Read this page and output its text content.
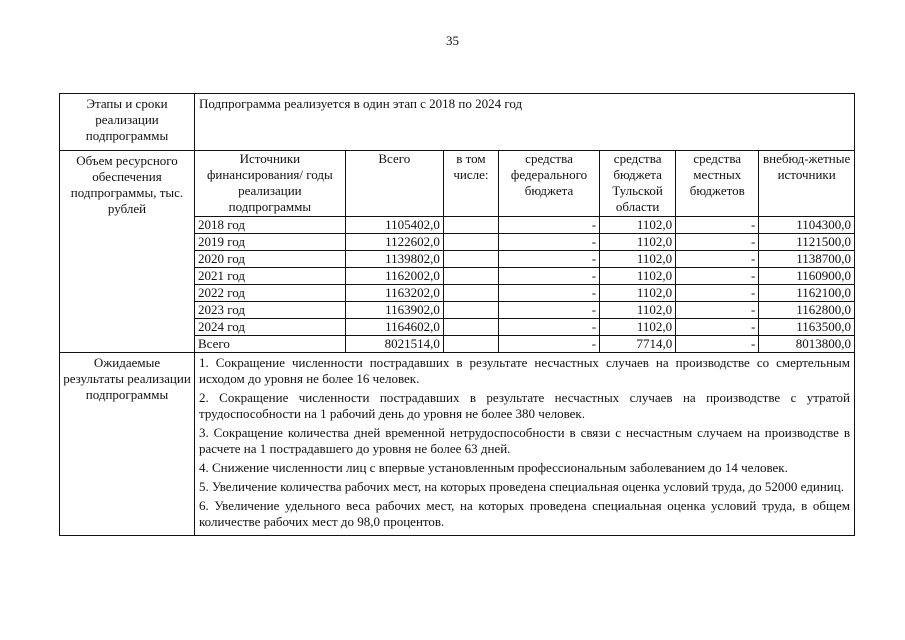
35
Этапы и сроки реализации подпрограммы	Подпрограмма реализуется в один этап с 2018 по 2024 год
Объем ресурсного обеспечения подпрограммы, тыс. рублей	
Источники финансирования/ годы реализации подпрограммы	Всего	в том числе:	средства федерального бюджета	средства бюджета Тульской области	средства местных бюджетов	внебюд-жетные источники
2018 год	1105402,0		-	1102,0	-	1104300,0
2019 год	1122602,0		-	1102,0	-	1121500,0
2020 год	1139802,0		-	1102,0	-	1138700,0
2021 год	1162002,0		-	1102,0	-	1160900,0
2022 год	1163202,0		-	1102,0	-	1162100,0
2023 год	1163902,0		-	1102,0	-	1162800,0
2024 год	1164602,0		-	1102,0	-	1163500,0
Всего	8021514,0		-	7714,0	-	8013800,0

Ожидаемые результаты реализации подпрограммы	

1. Сокращение численности пострадавших в результате несчастных случаев на производстве со смертельным исходом до уровня не более 16 человек.

2. Сокращение численности пострадавших в результате несчастных случаев на производстве с утратой трудоспособности на 1 рабочий день до уровня не более 380 человек.

3. Сокращение количества дней временной нетрудоспособности в связи с несчастным случаем на производстве в расчете на 1 пострадавшего до уровня не более 63 дней.

4. Снижение численности лиц с впервые установленным профессиональным заболеванием до 14 человек.

5. Увеличение количества рабочих мест, на которых проведена специальная оценка условий труда, до 52000 единиц.

6. Увеличение удельного веса рабочих мест, на которых проведена специальная оценка условий труда, в общем количестве рабочих мест до 98,0 процентов.
